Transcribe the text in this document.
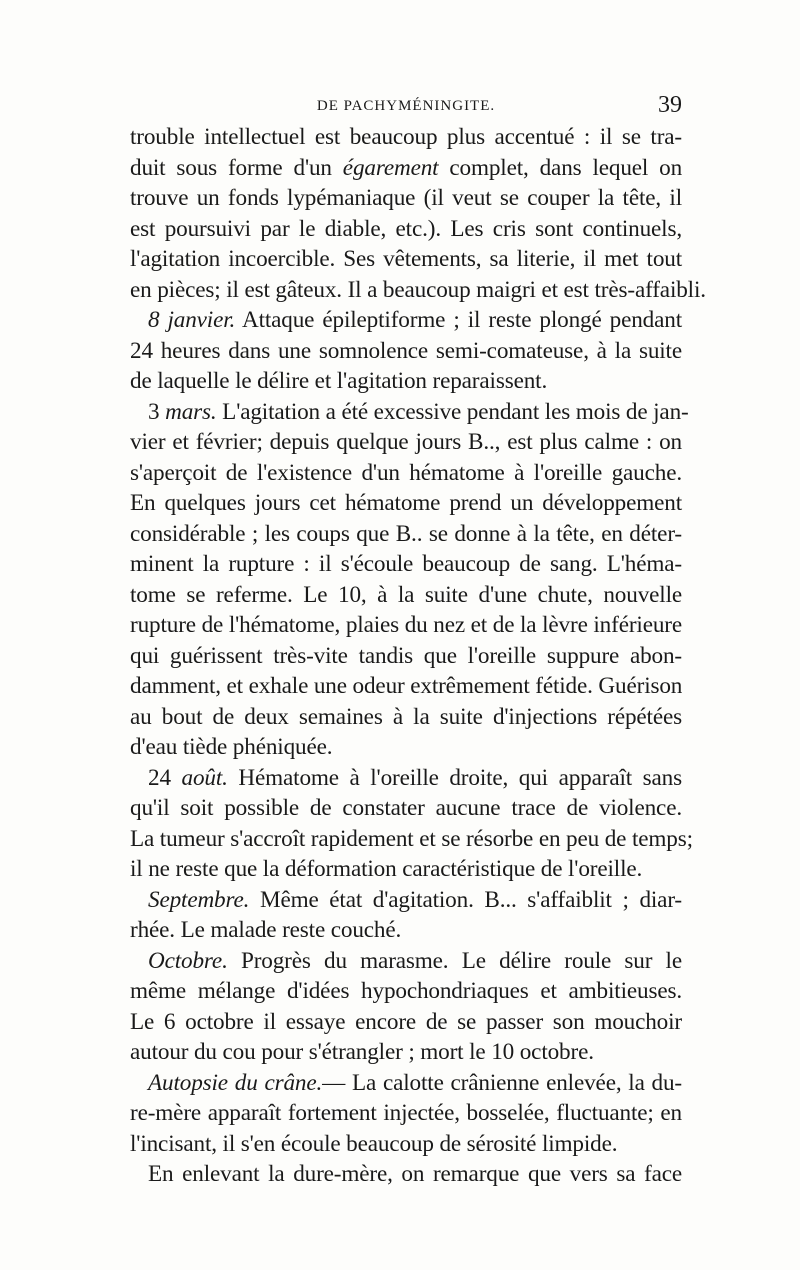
DE PACHYMÉNINGITE.	39
trouble intellectuel est beaucoup plus accentué : il se tra-
duit sous forme d'un égarement complet, dans lequel on
trouve un fonds lypémaniaque (il veut se couper la tête, il
est poursuivi par le diable, etc.). Les cris sont continuels,
l'agitation incoercible. Ses vêtements, sa literie, il met tout
en pièces; il est gâteux. Il a beaucoup maigri et est très-affaibli.
8 janvier. Attaque épileptiforme ; il reste plongé pendant
24 heures dans une somnolence semi-comateuse, à la suite
de laquelle le délire et l'agitation reparaissent.
3 mars. L'agitation a été excessive pendant les mois de jan-
vier et février; depuis quelque jours B.., est plus calme : on
s'aperçoit de l'existence d'un hématome à l'oreille gauche.
En quelques jours cet hématome prend un développement
considérable ; les coups que B.. se donne à la tête, en déter-
minent la rupture : il s'écoule beaucoup de sang. L'héma-
tome se referme. Le 10, à la suite d'une chute, nouvelle
rupture de l'hématome, plaies du nez et de la lèvre inférieure
qui guérissent très-vite tandis que l'oreille suppure abon-
damment, et exhale une odeur extrêmement fétide. Guérison
au bout de deux semaines à la suite d'injections répétées
d'eau tiède phéniquée.
24 août. Hématome à l'oreille droite, qui apparaît sans
qu'il soit possible de constater aucune trace de violence.
La tumeur s'accroît rapidement et se résorbe en peu de temps;
il ne reste que la déformation caractéristique de l'oreille.
Septembre. Même état d'agitation. B... s'affaiblit ; diar-
rhée. Le malade reste couché.
Octobre. Progrès du marasme. Le délire roule sur le
même mélange d'idées hypochondriaques et ambitieuses.
Le 6 octobre il essaye encore de se passer son mouchoir
autour du cou pour s'étrangler ; mort le 10 octobre.
Autopsie du crâne.— La calotte crânienne enlevée, la du-
re-mère apparaît fortement injectée, bosselée, fluctuante; en
l'incisant, il s'en écoule beaucoup de sérosité limpide.
En enlevant la dure-mère, on remarque que vers sa face
